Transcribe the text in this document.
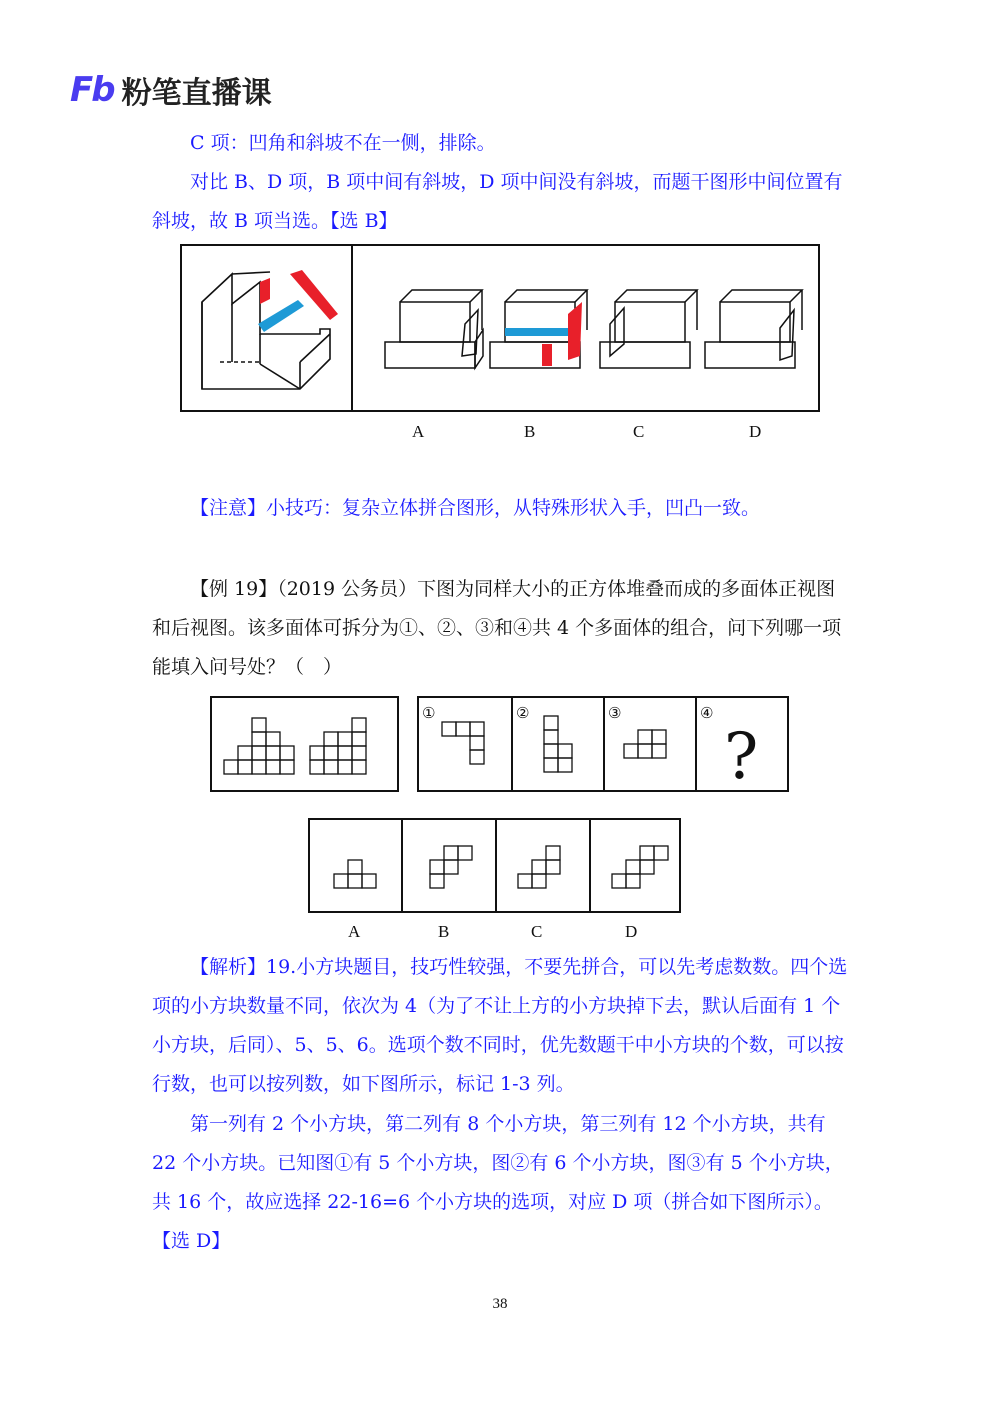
Fb 粉笔直播课
C 项：凹角和斜坡不在一侧，排除。
对比 B、D 项，B 项中间有斜坡，D 项中间没有斜坡，而题干图形中间位置有斜坡，故 B 项当选。【选 B】
A	B	C	D
【注意】小技巧：复杂立体拼合图形，从特殊形状入手，凹凸一致。
【例 19】（2019 公务员）下图为同样大小的正方体堆叠而成的多面体正视图和后视图。该多面体可拆分为①、②、③和④共 4 个多面体的组合，问下列哪一项能填入问号处？（　）
①	②	③	④
?
A	B	C	D
【解析】19.小方块题目，技巧性较强，不要先拼合，可以先考虑数数。四个选项的小方块数量不同，依次为 4（为了不让上方的小方块掉下去，默认后面有 1 个小方块，后同）、5、5、6。选项个数不同时，优先数题干中小方块的个数，可以按行数，也可以按列数，如下图所示，标记 1-3 列。
第一列有 2 个小方块，第二列有 8 个小方块，第三列有 12 个小方块，共有 22 个小方块。已知图①有 5 个小方块，图②有 6 个小方块，图③有 5 个小方块，共 16 个，故应选择 22-16=6 个小方块的选项，对应 D 项（拼合如下图所示）。【选 D】
38
